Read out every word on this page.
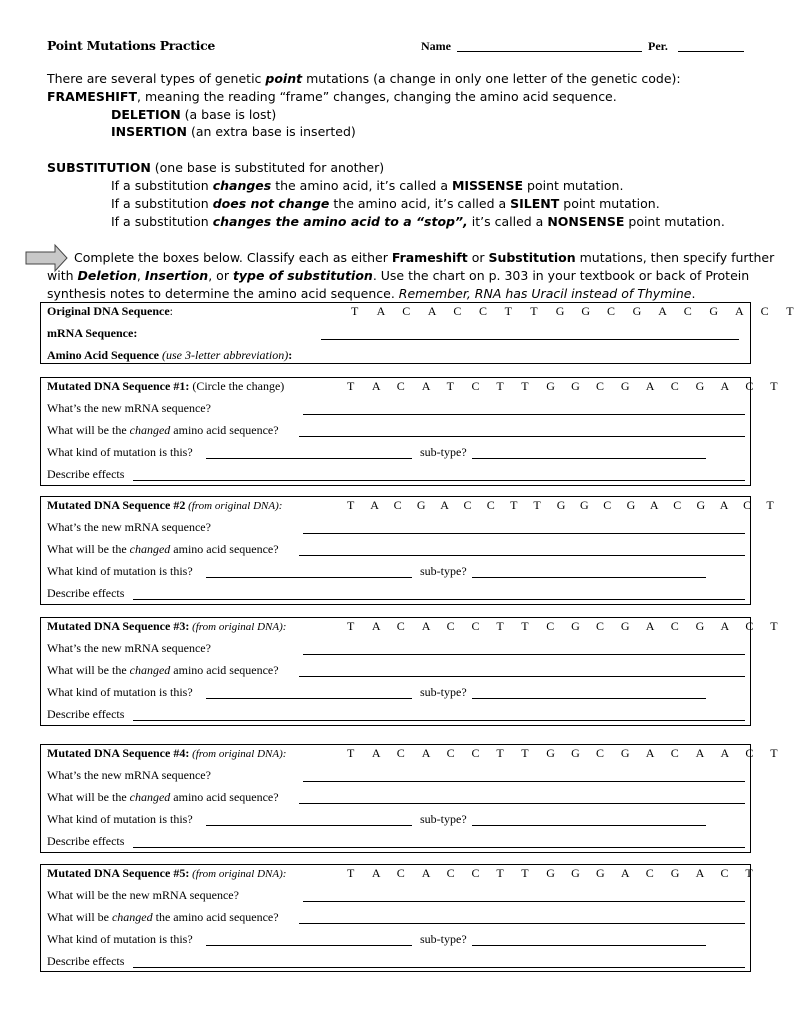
Point Mutations Practice	Name	Per.
There are several types of genetic point mutations (a change in only one letter of the genetic code):
FRAMESHIFT, meaning the reading “frame” changes, changing the amino acid sequence.
DELETION (a base is lost)
INSERTION (an extra base is inserted)
SUBSTITUTION (one base is substituted for another)
If a substitution changes the amino acid, it’s called a MISSENSE point mutation.
If a substitution does not change the amino acid, it’s called a SILENT point mutation.
If a substitution changes the amino acid to a “stop”, it’s called a NONSENSE point mutation.
Complete the boxes below. Classify each as either Frameshift or Substitution mutations, then specify further
with Deletion, Insertion, or type of substitution. Use the chart on p. 303 in your textbook or back of Protein
synthesis notes to determine the amino acid sequence. Remember, RNA has Uracil instead of Thymine.
Original DNA Sequence:	T A C A C C T T G G C G A C G A C T
mRNA Sequence:
Amino Acid Sequence (use 3-letter abbreviation):
Mutated DNA Sequence #1: (Circle the change)	T A C A T C T T G G C G A C G A C T
What’s the new mRNA sequence?
What will be the changed amino acid sequence?
What kind of mutation is this?	sub-type?
Describe effects
Mutated DNA Sequence #2 (from original DNA):	T A C G A C C T T G G C G A C G A C T
What’s the new mRNA sequence?
What will be the changed amino acid sequence?
What kind of mutation is this?	sub-type?
Describe effects
Mutated DNA Sequence #3: (from original DNA):	T A C A C C T T C G C G A C G A C T
What’s the new mRNA sequence?
What will be the changed amino acid sequence?
What kind of mutation is this?	sub-type?
Describe effects
Mutated DNA Sequence #4: (from original DNA):	T A C A C C T T G G C G A C A A C T
What’s the new mRNA sequence?
What will be the changed amino acid sequence?
What kind of mutation is this?	sub-type?
Describe effects
Mutated DNA Sequence #5: (from original DNA):	T A C A C C T T G G G A C G A C T
What will be the new mRNA sequence?
What will be changed the amino acid sequence?
What kind of mutation is this?	sub-type?
Describe effects
